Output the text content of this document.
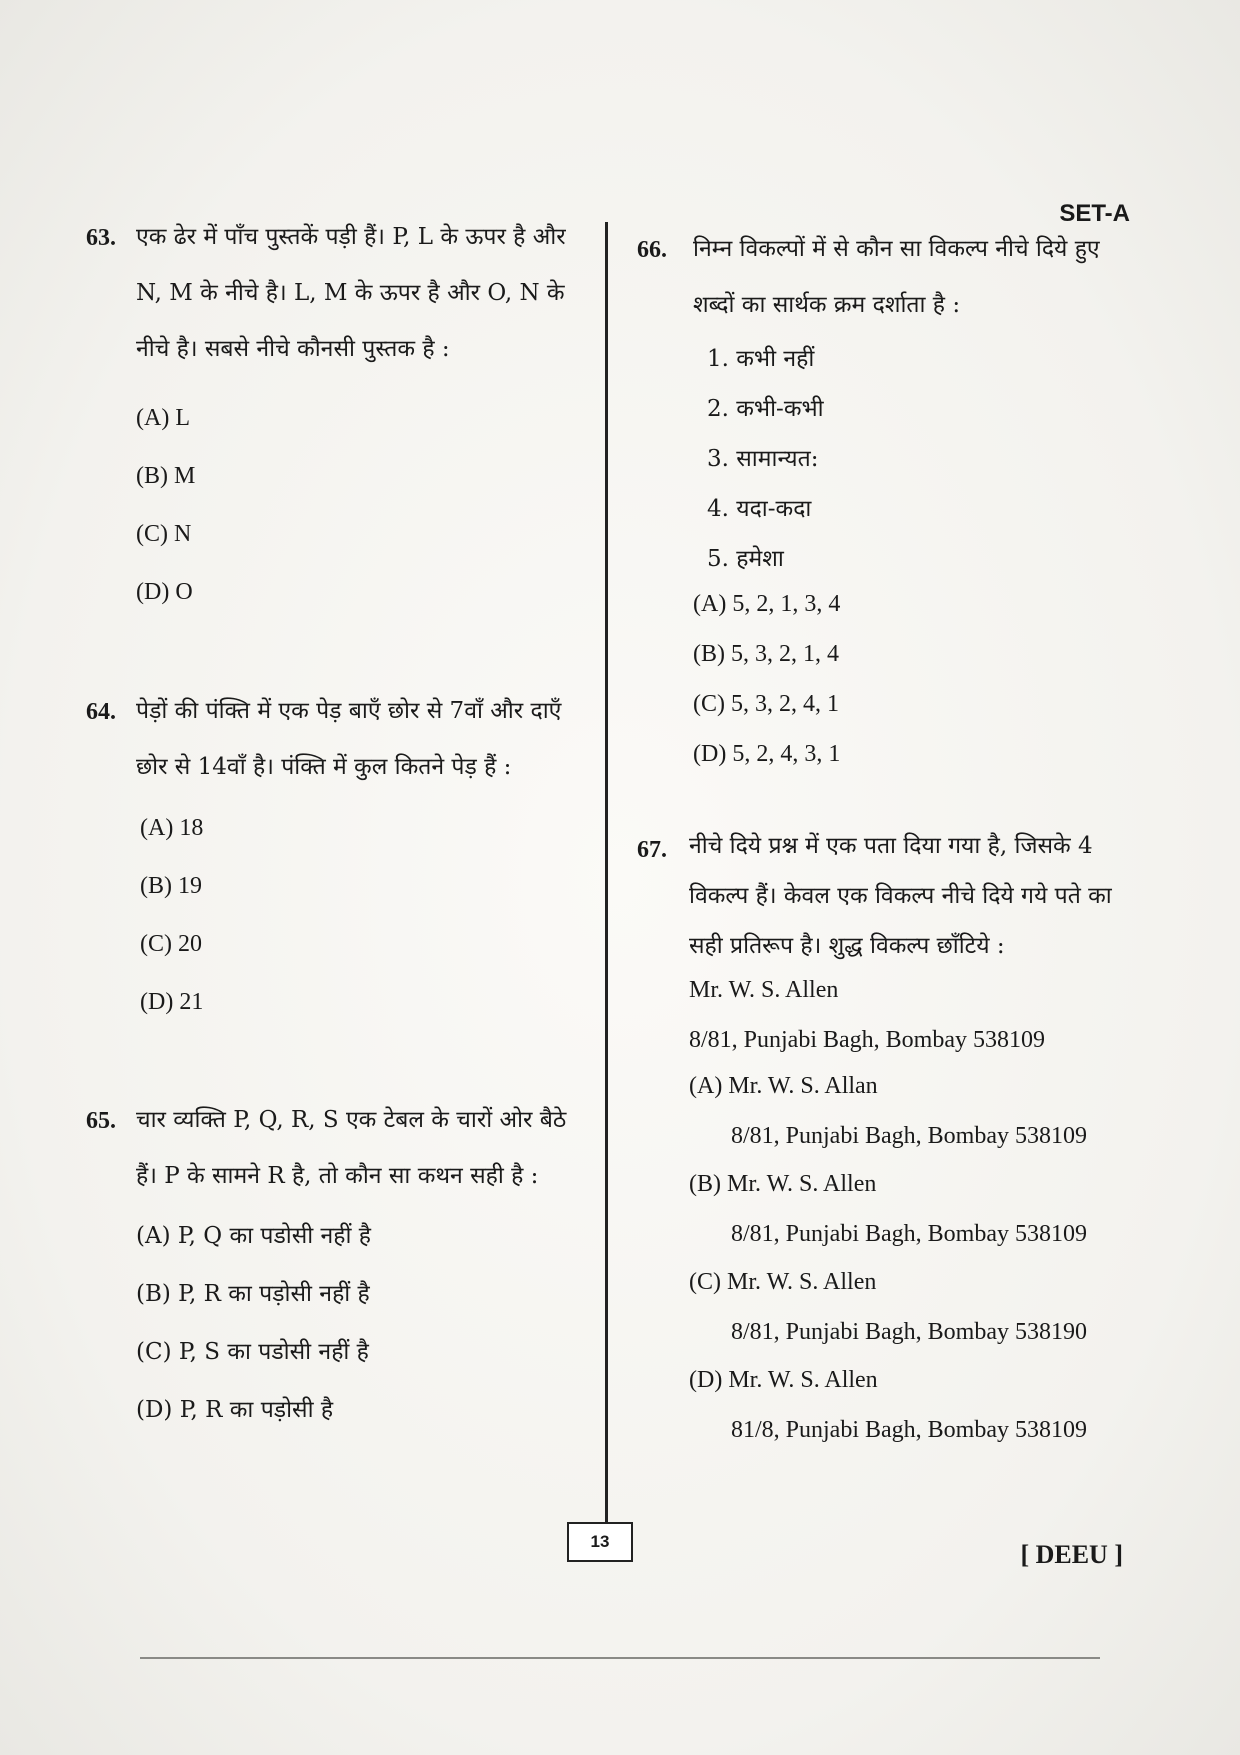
SET-A
63. एक ढेर में पाँच पुस्तकें पड़ी हैं। P, L के ऊपर है और N, M के नीचे है। L, M के ऊपर है और O, N के नीचे है। सबसे नीचे कौनसी पुस्तक है :
(A) L
(B) M
(C) N
(D) O
64. पेड़ों की पंक्ति में एक पेड़ बाएँ छोर से 7वाँ और दाएँ छोर से 14वाँ है। पंक्ति में कुल कितने पेड़ हैं :
(A) 18
(B) 19
(C) 20
(D) 21
65. चार व्यक्ति P, Q, R, S एक टेबल के चारों ओर बैठे हैं। P के सामने R है, तो कौन सा कथन सही है :
(A) P, Q का पडोसी नहीं है
(B) P, R का पड़ोसी नहीं है
(C) P, S का पडोसी नहीं है
(D) P, R का पड़ोसी है
66.	निम्न विकल्पों में से कौन सा विकल्प नीचे दिये हुए शब्दों का सार्थक क्रम दर्शाता है :
1. कभी नहीं
2. कभी-कभी
3. सामान्यत:
4. यदा-कदा
5. हमेशा
(A) 5, 2, 1, 3, 4
(B) 5, 3, 2, 1, 4
(C) 5, 3, 2, 4, 1
(D) 5, 2, 4, 3, 1
67. नीचे दिये प्रश्न में एक पता दिया गया है, जिसके 4 विकल्प हैं। केवल एक विकल्प नीचे दिये गये पते का सही प्रतिरूप है। शुद्ध विकल्प छाँटिये :
Mr. W. S. Allen
8/81, Punjabi Bagh, Bombay 538109
(A) Mr. W. S. Allan
8/81, Punjabi Bagh, Bombay 538109
(B) Mr. W. S. Allen
8/81, Punjabi Bagh, Bombay 538109
(C) Mr. W. S. Allen
8/81, Punjabi Bagh, Bombay 538190
(D) Mr. W. S. Allen
81/8, Punjabi Bagh, Bombay 538109
13	[ DEEU ]
